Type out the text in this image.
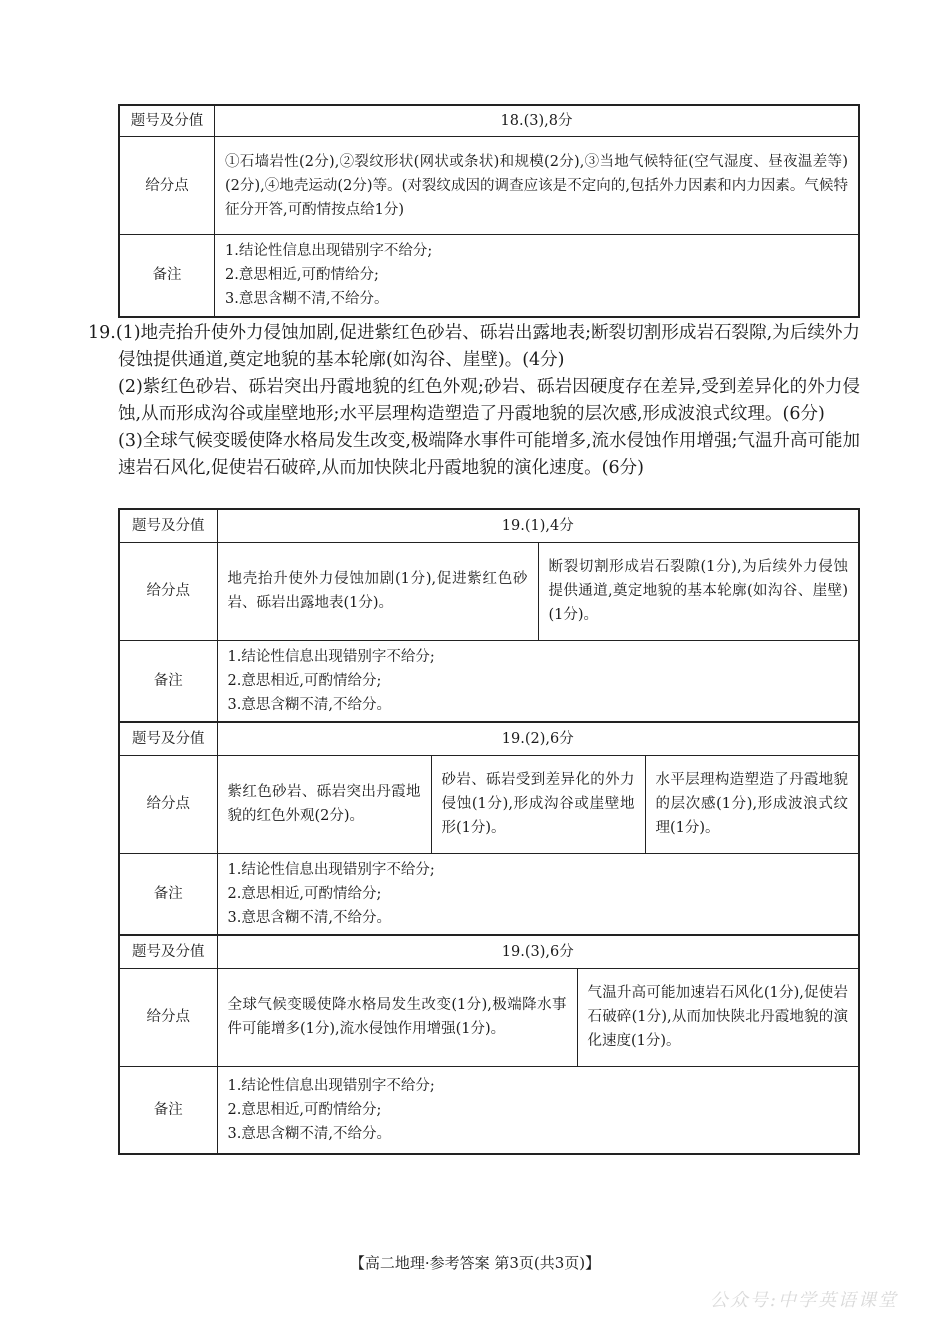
题号及分值	18.(3),8分
给分点	①石墙岩性(2分),②裂纹形状(网状或条状)和规模(2分),③当地气候特征(空气湿度、昼夜温差等)(2分),④地壳运动(2分)等。(对裂纹成因的调查应该是不定向的,包括外力因素和内力因素。气候特征分开答,可酌情按点给1分)
备注	1.结论性信息出现错别字不给分;
2.意思相近,可酌情给分;
3.意思含糊不清,不给分。

19.(1)地壳抬升使外力侵蚀加剧,促进紫红色砂岩、砾岩出露地表;断裂切割形成岩石裂隙,为后续外力侵蚀提供通道,奠定地貌的基本轮廓(如沟谷、崖壁)。(4分)

(2)紫红色砂岩、砾岩突出丹霞地貌的红色外观;砂岩、砾岩因硬度存在差异,受到差异化的外力侵蚀,从而形成沟谷或崖壁地形;水平层理构造塑造了丹霞地貌的层次感,形成波浪式纹理。(6分)

(3)全球气候变暖使降水格局发生改变,极端降水事件可能增多,流水侵蚀作用增强;气温升高可能加速岩石风化,促使岩石破碎,从而加快陕北丹霞地貌的演化速度。(6分)

题号及分值	19.(1),4分	
给分点	地壳抬升使外力侵蚀加剧(1分),促进紫红色砂岩、砾岩出露地表(1分)。	断裂切割形成岩石裂隙(1分),为后续外力侵蚀提供通道,奠定地貌的基本轮廓(如沟谷、崖壁)(1分)。
备注	1.结论性信息出现错别字不给分;
2.意思相近,可酌情给分;
3.意思含糊不清,不给分。	
题号及分值	19.(2),6分		
给分点	紫红色砂岩、砾岩突出丹霞地貌的红色外观(2分)。	砂岩、砾岩受到差异化的外力侵蚀(1分),形成沟谷或崖壁地形(1分)。	水平层理构造塑造了丹霞地貌的层次感(1分),形成波浪式纹理(1分)。
备注	1.结论性信息出现错别字不给分;
2.意思相近,可酌情给分;
3.意思含糊不清,不给分。		
题号及分值	19.(3),6分	
给分点	全球气候变暖使降水格局发生改变(1分),极端降水事件可能增多(1分),流水侵蚀作用增强(1分)。	气温升高可能加速岩石风化(1分),促使岩石破碎(1分),从而加快陕北丹霞地貌的演化速度(1分)。
备注	1.结论性信息出现错别字不给分;
2.意思相近,可酌情给分;
3.意思含糊不清,不给分。	
【高二地理·参考答案 第3页(共3页)】
公众号:中学英语课堂
